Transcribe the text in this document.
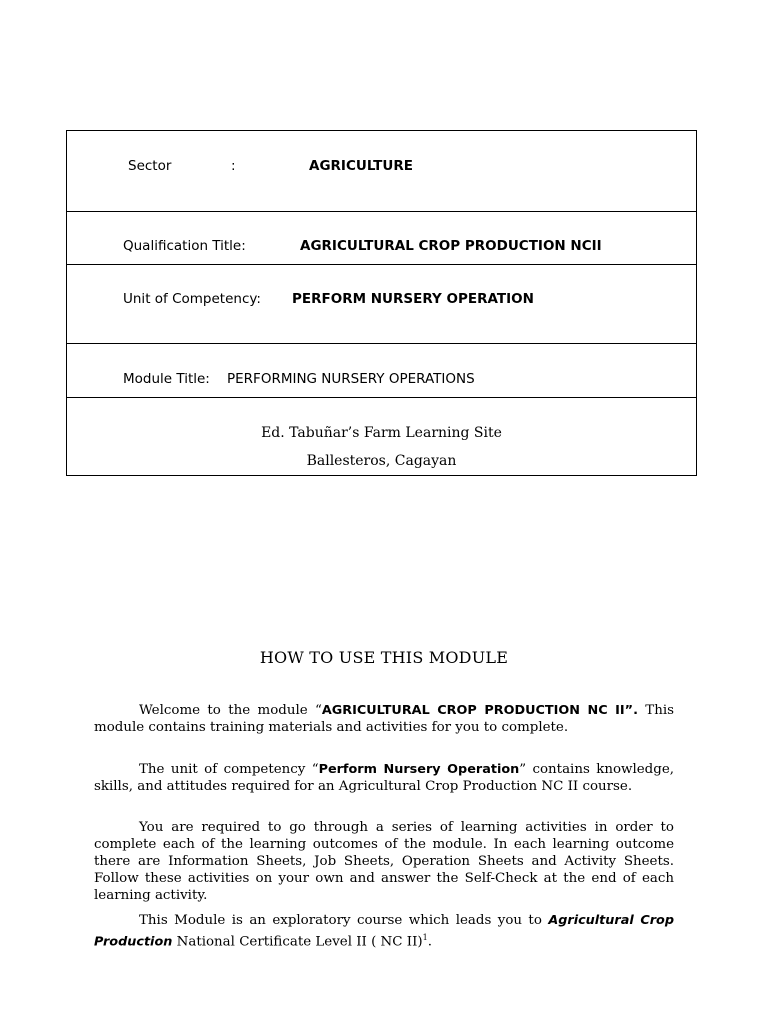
Sector	:	AGRICULTURE
Qualification Title:	AGRICULTURAL CROP PRODUCTION NCII
Unit of Competency: PERFORM NURSERY OPERATION
Module Title: PERFORMING NURSERY OPERATIONS
Ed. Tabuñar’s Farm Learning Site
Ballesteros, Cagayan
HOW TO USE THIS MODULE

Welcome to the module “AGRICULTURAL CROP PRODUCTION NC II”. This module contains training materials and activities for you to complete.

The unit of competency “Perform Nursery Operation” contains knowledge, skills, and attitudes required for an Agricultural Crop Production NC II course.

You are required to go through a series of learning activities in order to complete each of the learning outcomes of the module. In each learning outcome there are Information Sheets, Job Sheets, Operation Sheets and Activity Sheets. Follow these activities on your own and answer the Self-Check at the end of each learning activity.

This Module is an exploratory course which leads you to Agricultural Crop Production National Certificate Level II ( NC II)$^1$.
